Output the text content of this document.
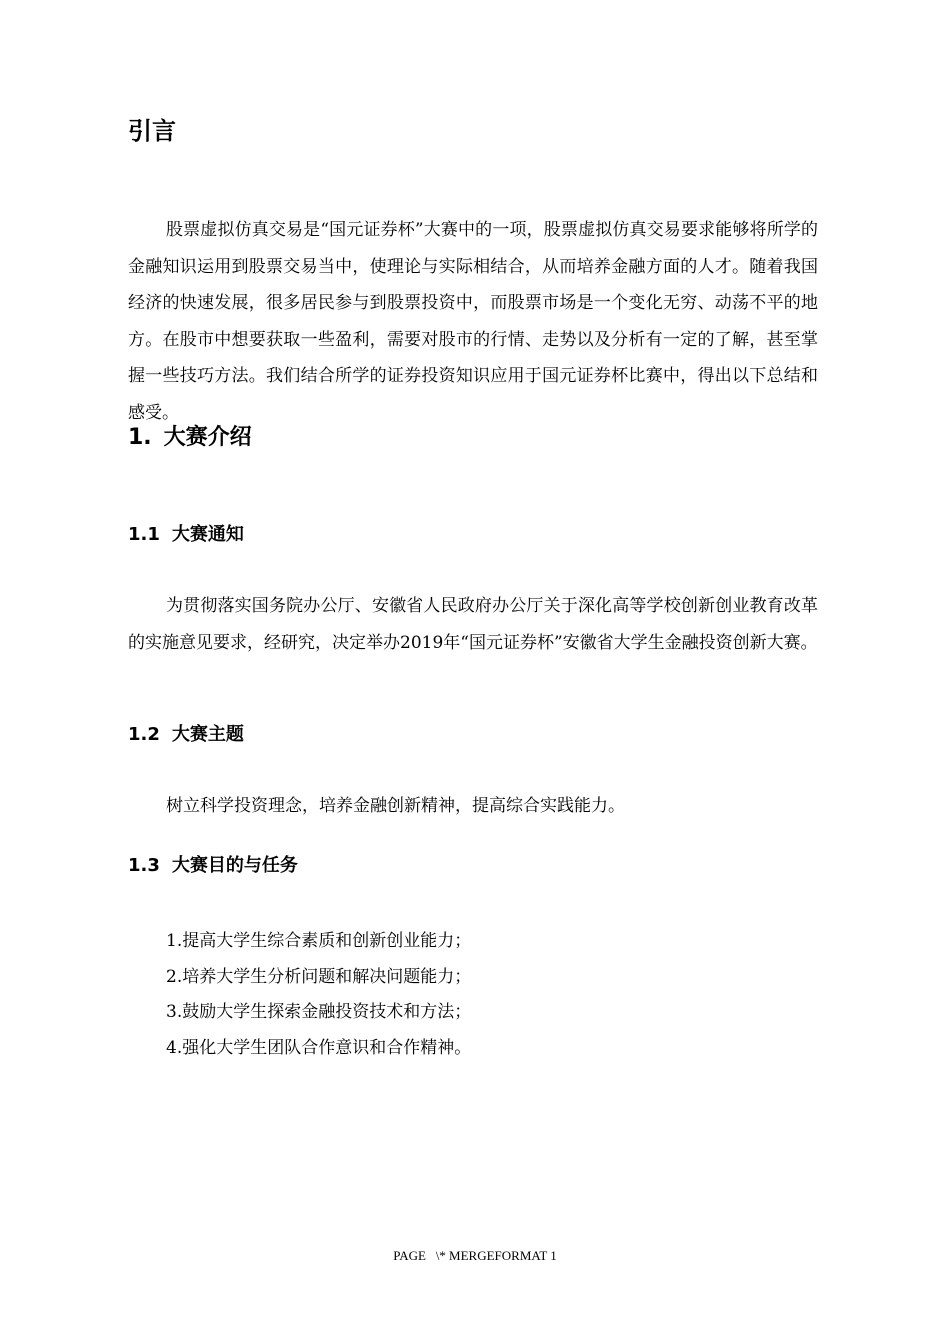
引言

股票虚拟仿真交易是“国元证券杯”大赛中的一项，股票虚拟仿真交易要求能够将所学的金融知识运用到股票交易当中，使理论与实际相结合，从而培养金融方面的人才。随着我国经济的快速发展，很多居民参与到股票投资中，而股票市场是一个变化无穷、动荡不平的地方。在股市中想要获取一些盈利，需要对股市的行情、走势以及分析有一定的了解，甚至掌握一些技巧方法。我们结合所学的证券投资知识应用于国元证券杯比赛中，得出以下总结和感受。

1. 大赛介绍
1.1 大赛通知

为贯彻落实国务院办公厅、安徽省人民政府办公厅关于深化高等学校创新创业教育改革的实施意见要求，经研究，决定举办2019年“国元证券杯”安徽省大学生金融投资创新大赛。

1.2 大赛主题

树立科学投资理念，培养金融创新精神，提高综合实践能力。

1.3 大赛目的与任务
1.提高大学生综合素质和创新创业能力；
2.培养大学生分析问题和解决问题能力；
3.鼓励大学生探索金融投资技术和方法；
4.强化大学生团队合作意识和合作精神。
PAGE   \* MERGEFORMAT 1
